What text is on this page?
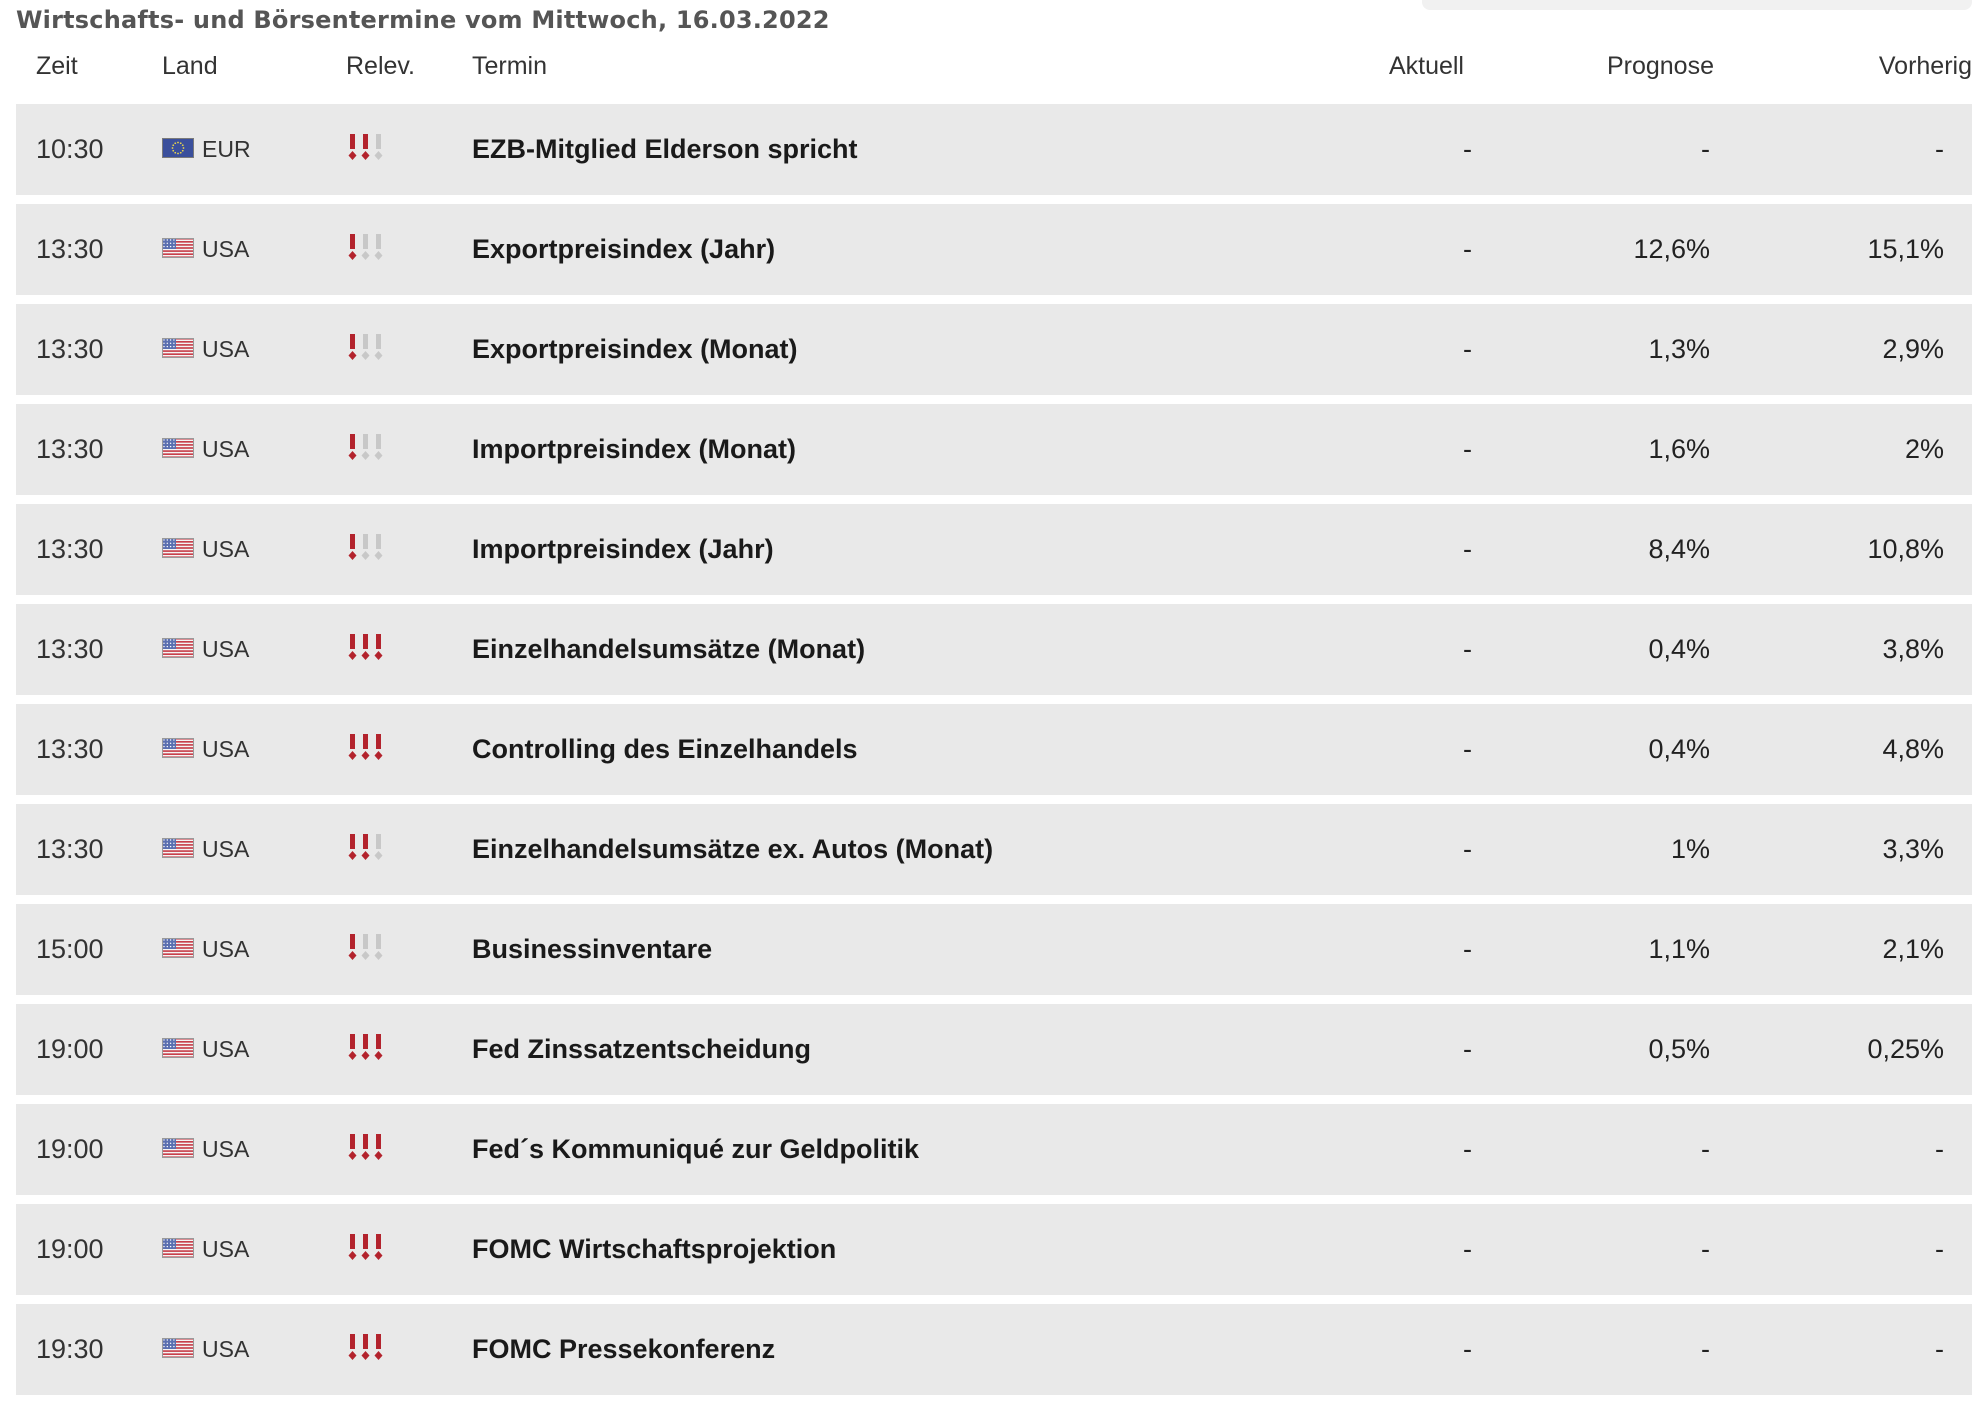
Wirtschafts- und Börsentermine vom Mittwoch, 16.03.2022
Zeit	Land	Relev. Termin	Aktuell	Prognose	Vorherig
10:30	EUR	EZB-Mitglied Elderson spricht	-	-	-
13:30	USA	Exportpreisindex (Jahr)	-	12,6%	15,1%
13:30	USA	Exportpreisindex (Monat)	-	1,3%	2,9%
13:30	USA	Importpreisindex (Monat)	-	1,6%	2%
13:30	USA	Importpreisindex (Jahr)	-	8,4%	10,8%
13:30	USA	Einzelhandelsumsätze (Monat)	-	0,4%	3,8%
13:30	USA	Controlling des Einzelhandels	-	0,4%	4,8%
13:30	USA	Einzelhandelsumsätze ex. Autos (Monat)	-	1%	3,3%
15:00	USA	Businessinventare	-	1,1%	2,1%
19:00	USA	Fed Zinssatzentscheidung	-	0,5%	0,25%
19:00	USA	Fed´s Kommuniqué zur Geldpolitik	-	-	-
19:00	USA	FOMC Wirtschaftsprojektion	-	-	-
19:30	USA	FOMC Pressekonferenz	-	-	-
